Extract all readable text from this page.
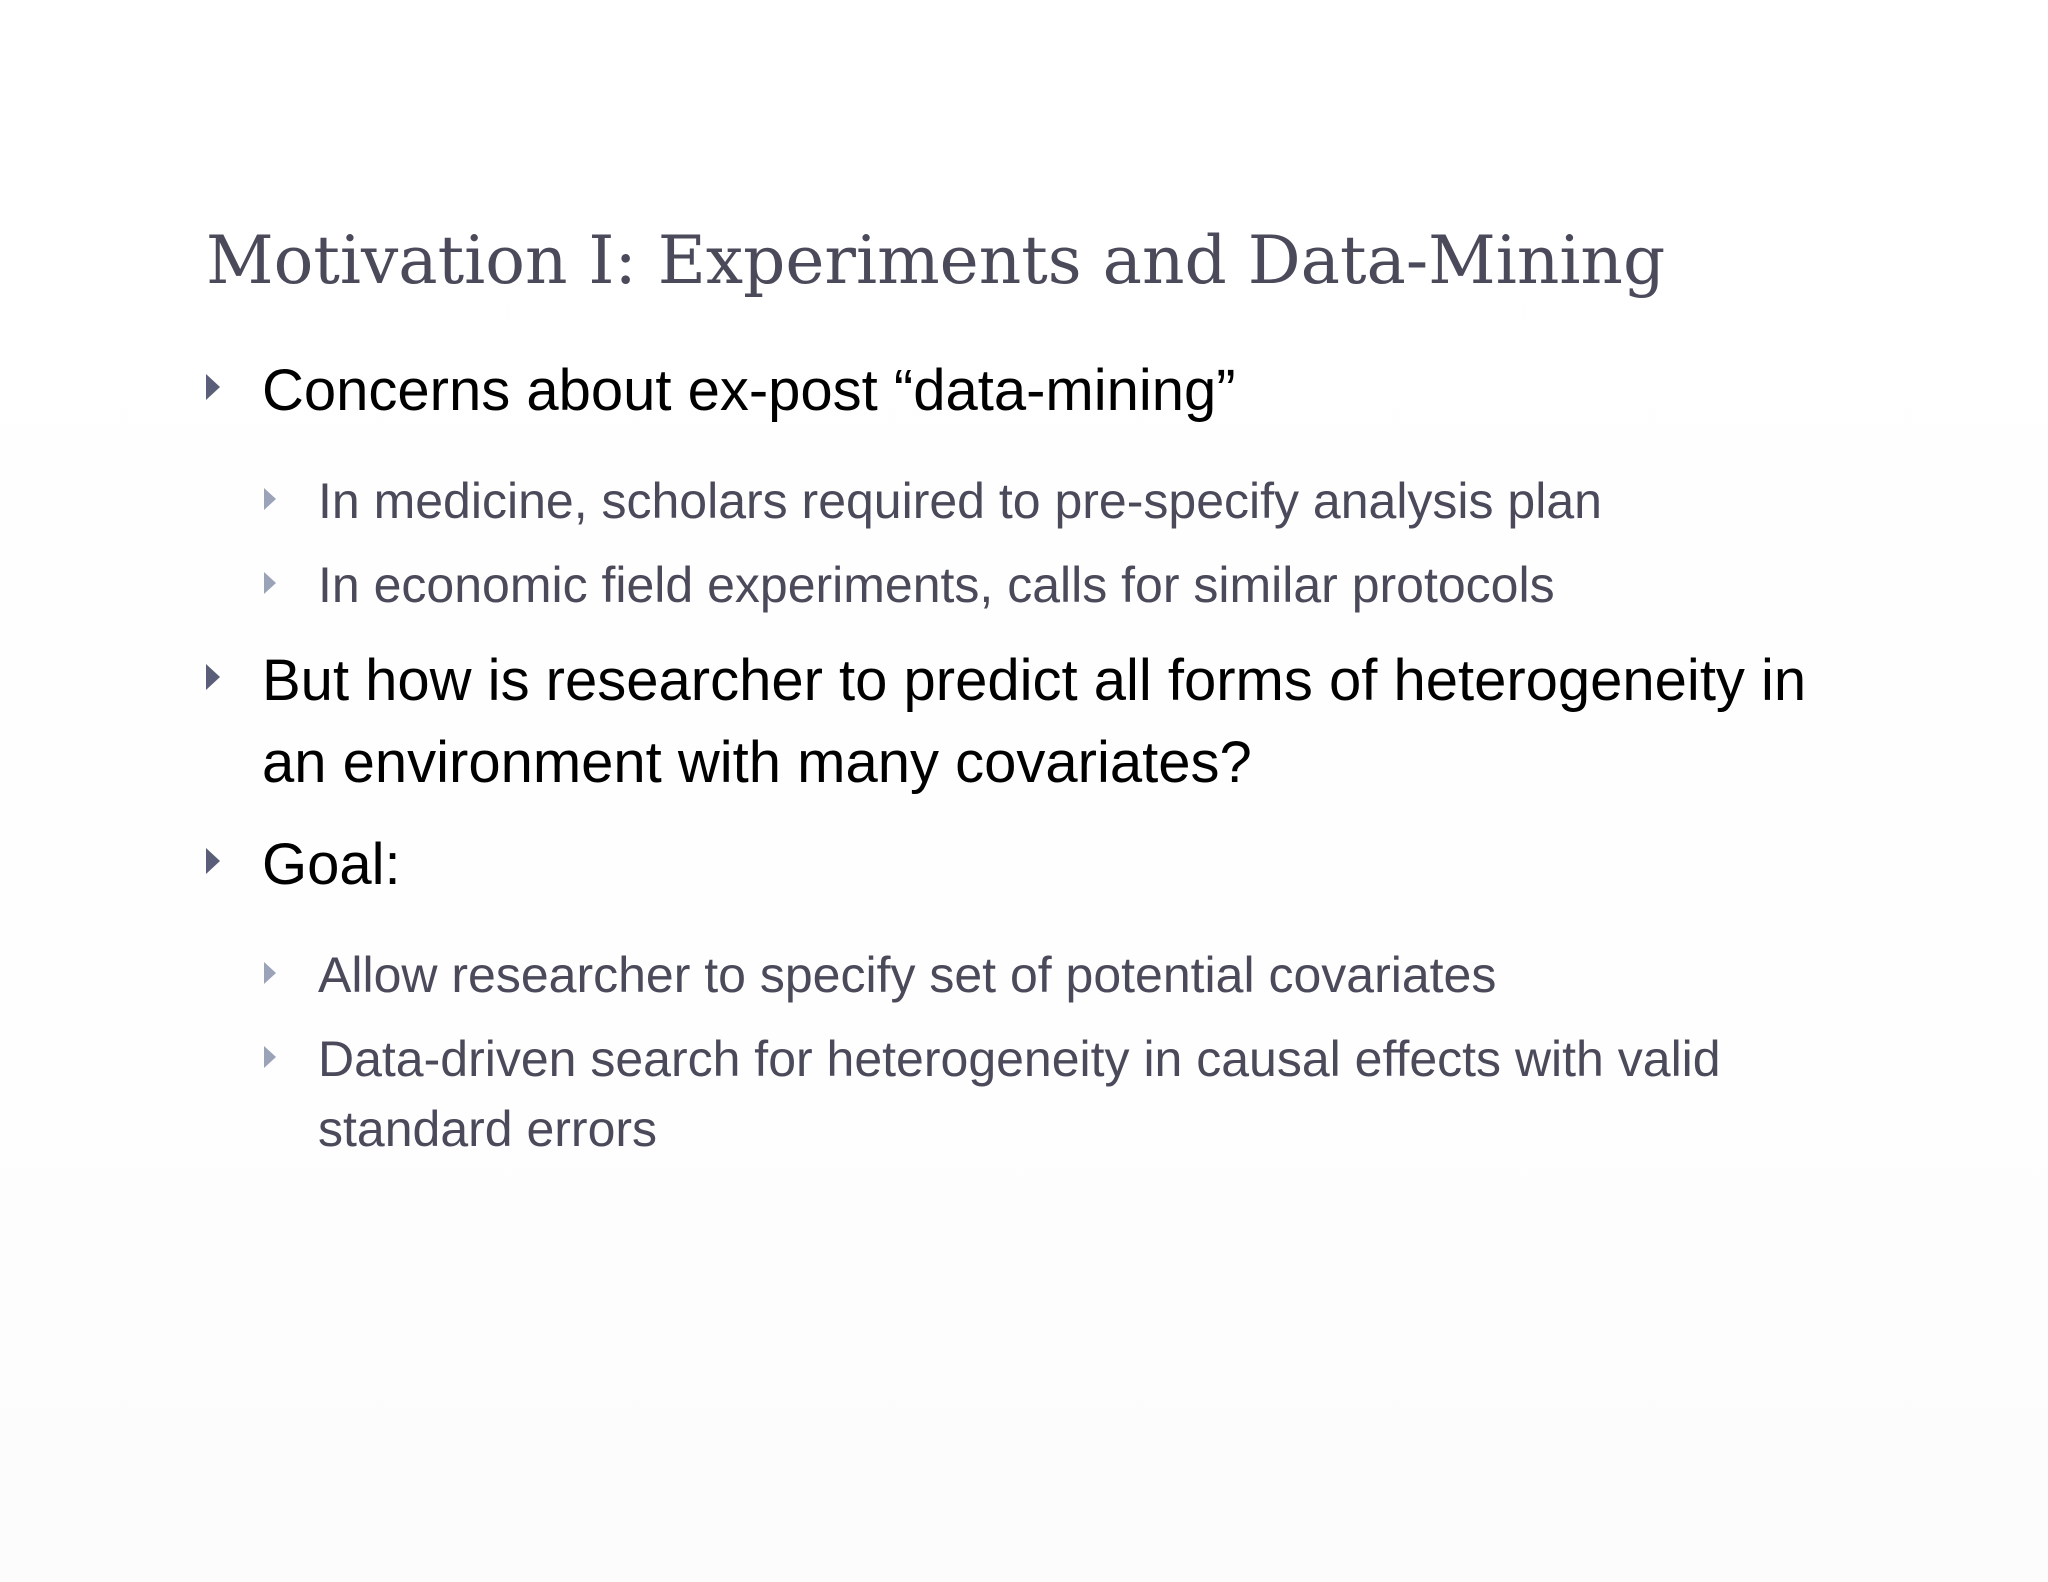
Motivation I: Experiments and Data-Mining
Concerns about ex-post “data-mining”
In medicine, scholars required to pre-specify analysis plan
In economic field experiments, calls for similar protocols
But how is researcher to predict all forms of heterogeneity in an environment with many covariates?
Goal:
Allow researcher to specify set of potential covariates
Data-driven search for heterogeneity in causal effects with valid standard errors
